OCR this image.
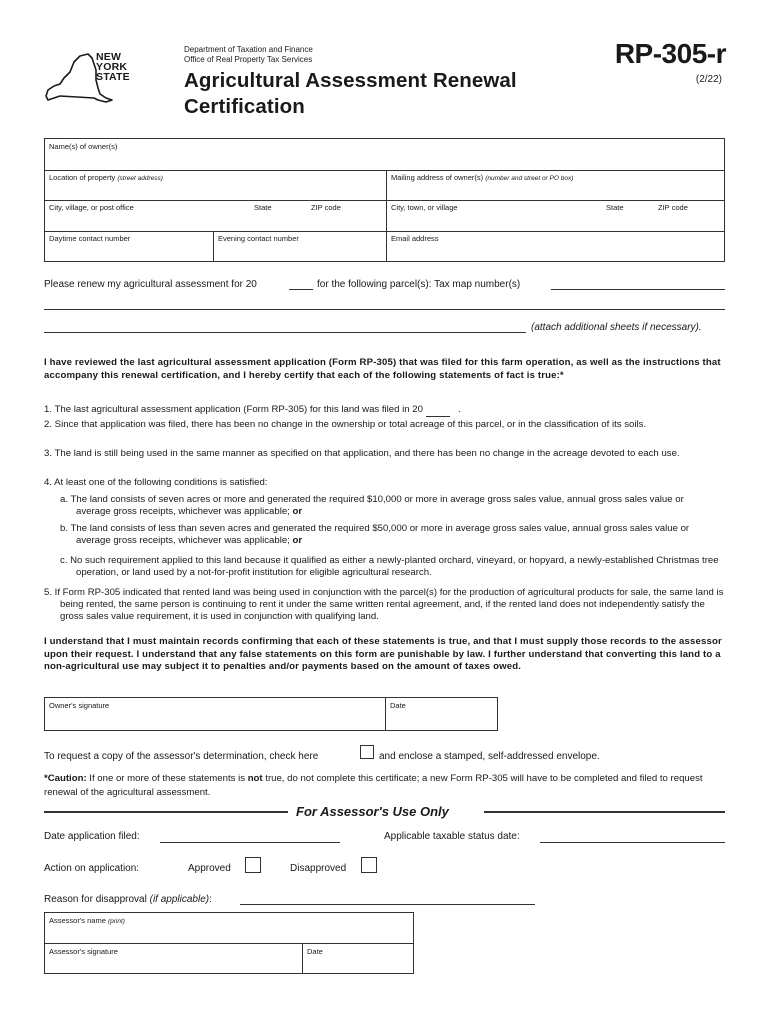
NEW
YORK
STATE
Department of Taxation and Finance
Office of Real Property Tax Services
Agricultural Assessment Renewal
Certification
RP-305-r
(2/22)
Name(s) of owner(s)
Location of property (street address)	Mailing address of owner(s) (number and street or PO box)
City, village, or post office	State	ZIP code	City, town, or village	State	ZIP code
Daytime contact number	Evening contact number	Email address
Please renew my agricultural assessment for 20	for the following parcel(s): Tax map number(s)
(attach additional sheets if necessary).
I have reviewed the last agricultural assessment application (Form RP-305) that was filed for this farm operation, as well as the instructions that accompany this renewal certification, and I hereby certify that each of the following statements of fact is true:*
1. The last agricultural assessment application (Form RP-305) for this land was filed in 20	.
2. Since that application was filed, there has been no change in the ownership or total acreage of this parcel, or in the classification of its soils.
3. The land is still being used in the same manner as specified on that application, and there has been no change in the acreage devoted to each use.
4. At least one of the following conditions is satisfied:
a. The land consists of seven acres or more and generated the required $10,000 or more in average gross sales value, annual gross sales value or average gross receipts, whichever was applicable; or
b. The land consists of less than seven acres and generated the required $50,000 or more in average gross sales value, annual gross sales value or average gross receipts, whichever was applicable; or
c. No such requirement applied to this land because it qualified as either a newly-planted orchard, vineyard, or hopyard, a newly-established Christmas tree operation, or land used by a not-for-profit institution for eligible agricultural research.
5. If Form RP-305 indicated that rented land was being used in conjunction with the parcel(s) for the production of agricultural products for sale, the same land is being rented, the same person is continuing to rent it under the same written rental agreement, and, if the rented land does not independently satisfy the gross sales value requirement, it is used in conjunction with qualifying land.
I understand that I must maintain records confirming that each of these statements is true, and that I must supply those records to the assessor upon their request. I understand that any false statements on this form are punishable by law. I further understand that converting this land to a non-agricultural use may subject it to penalties and/or payments based on the amount of taxes owed.
Owner's signature	Date
To request a copy of the assessor's determination, check here	and enclose a stamped, self-addressed envelope.
*Caution: If one or more of these statements is not true, do not complete this certificate; a new Form RP-305 will have to be completed and filed to request renewal of the agricultural assessment.
For Assessor's Use Only
Date application filed:	Applicable taxable status date:
Action on application:	Approved	Disapproved
Reason for disapproval (if applicable):
Assessor's name (print)
Assessor's signature	Date
